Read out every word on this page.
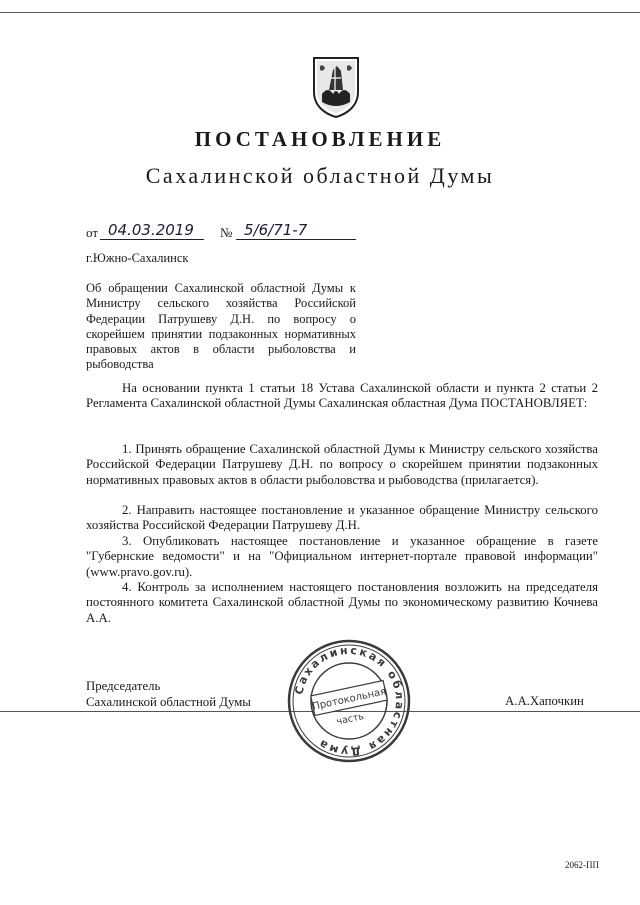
ПОСТАНОВЛЕНИЕ
Сахалинской областной Думы
от 04.03.2019 № 5/6/71-7
г.Южно-Сахалинск
Об обращении Сахалинской областной Думы к Министру сельского хозяйства Российской Федерации Патрушеву Д.Н. по вопросу о скорейшем принятии подзаконных нормативных правовых актов в области рыболовства и рыбоводства
На основании пункта 1 статьи 18 Устава Сахалинской области и пункта 2 статьи 2 Регламента Сахалинской областной Думы Сахалинская областная Дума ПОСТАНОВЛЯЕТ:
1. Принять обращение Сахалинской областной Думы к Министру сельского хозяйства Российской Федерации Патрушеву Д.Н. по вопросу о скорейшем принятии подзаконных нормативных правовых актов в области рыболовства и рыбоводства (прилагается).
2. Направить настоящее постановление и указанное обращение Министру сельского хозяйства Российской Федерации Патрушеву Д.Н.
3. Опубликовать настоящее постановление и указанное обращение в газете "Губернские ведомости" и на "Официальном интернет-портале правовой информации" (www.pravo.gov.ru).
4. Контроль за исполнением настоящего постановления возложить на председателя постоянного комитета Сахалинской областной Думы по экономическому развитию Кочнева А.А.
Председатель
Сахалинской областной Думы	А.А.Хапочкин
Сахалинская областная Дума
Протокольная
часть
2062-ПП
